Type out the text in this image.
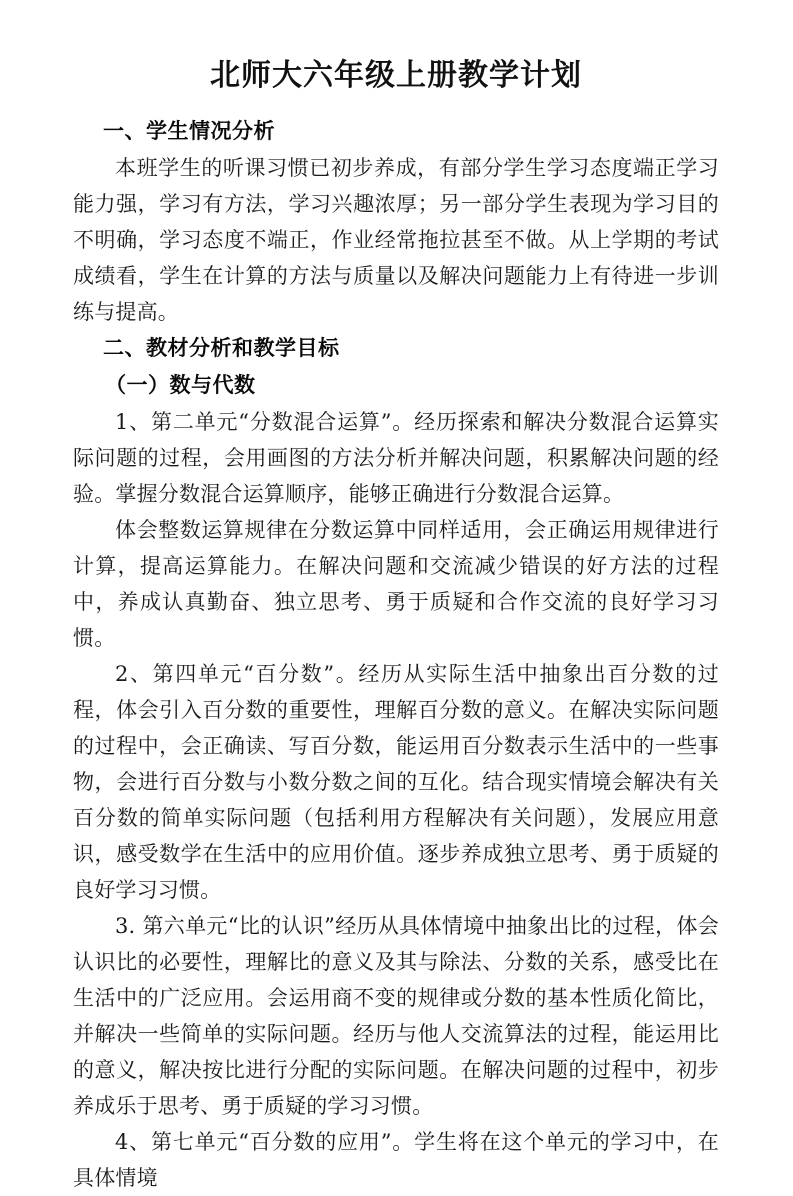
北师大六年级上册教学计划
一、学生情况分析

本班学生的听课习惯已初步养成，有部分学生学习态度端正学习能力强，学习有方法，学习兴趣浓厚；另一部分学生表现为学习目的不明确，学习态度不端正，作业经常拖拉甚至不做。从上学期的考试成绩看，学生在计算的方法与质量以及解决问题能力上有待进一步训练与提高。

二、教材分析和教学目标
（一）数与代数

1、第二单元“分数混合运算”。经历探索和解决分数混合运算实际问题的过程，会用画图的方法分析并解决问题，积累解决问题的经验。掌握分数混合运算顺序，能够正确进行分数混合运算。

体会整数运算规律在分数运算中同样适用，会正确运用规律进行计算，提高运算能力。在解决问题和交流减少错误的好方法的过程中，养成认真勤奋、独立思考、勇于质疑和合作交流的良好学习习惯。

2、第四单元“百分数”。经历从实际生活中抽象出百分数的过程，体会引入百分数的重要性，理解百分数的意义。在解决实际问题的过程中，会正确读、写百分数，能运用百分数表示生活中的一些事物，会进行百分数与小数分数之间的互化。结合现实情境会解决有关百分数的简单实际问题（包括利用方程解决有关问题），发展应用意识，感受数学在生活中的应用价值。逐步养成独立思考、勇于质疑的良好学习习惯。

3. 第六单元“比的认识”经历从具体情境中抽象出比的过程，体会认识比的必要性，理解比的意义及其与除法、分数的关系，感受比在生活中的广泛应用。会运用商不变的规律或分数的基本性质化简比，并解决一些简单的实际问题。经历与他人交流算法的过程，能运用比的意义，解决按比进行分配的实际问题。在解决问题的过程中，初步养成乐于思考、勇于质疑的学习习惯。

4、第七单元“百分数的应用”。学生将在这个单元的学习中，在具体情境
